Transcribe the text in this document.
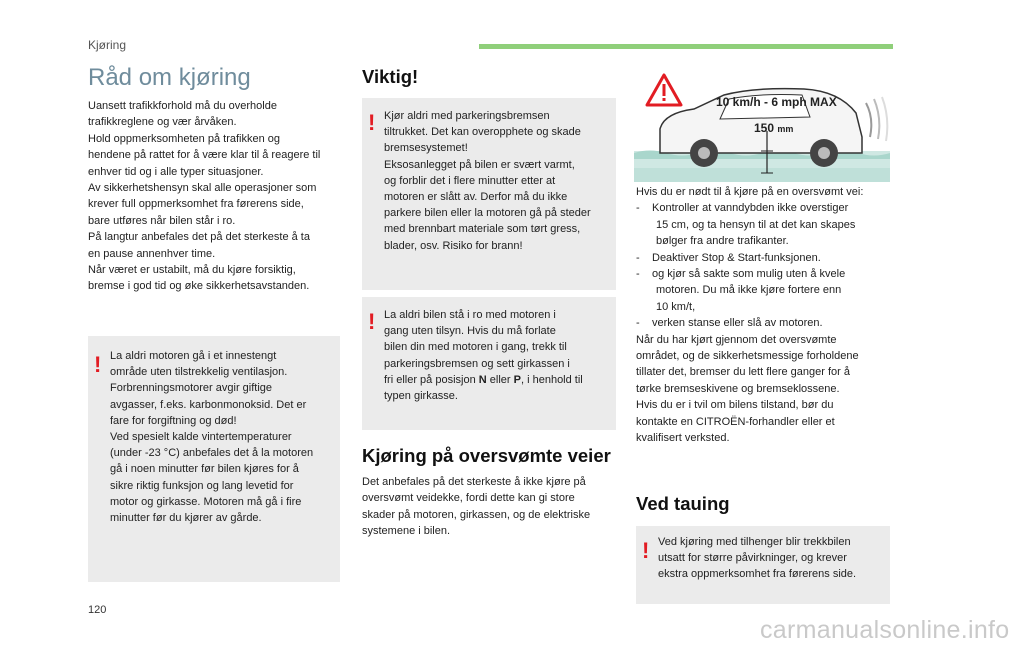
Kjøring
Råd om kjøring
Uansett trafikkforhold må du overholde
trafikkreglene og vær årvåken.
Hold oppmerksomheten på trafikken og
hendene på rattet for å være klar til å reagere til
enhver tid og i alle typer situasjoner.
Av sikkerhetshensyn skal alle operasjoner som
krever full oppmerksomhet fra førerens side,
bare utføres når bilen står i ro.
På langtur anbefales det på det sterkeste å ta
en pause annenhver time.
Når været er ustabilt, må du kjøre forsiktig,
bremse i god tid og øke sikkerhetsavstanden.
! La aldri motoren gå i et innestengt
område uten tilstrekkelig ventilasjon.
Forbrenningsmotorer avgir giftige
avgasser, f.eks. karbonmonoksid. Det er
fare for forgiftning og død!
Ved spesielt kalde vintertemperaturer
(under -23 °C) anbefales det å la motoren
gå i noen minutter før bilen kjøres for å
sikre riktig funksjon og lang levetid for
motor og girkasse. Motoren må gå i fire
minutter før du kjører av gårde.
Viktig!
! Kjør aldri med parkeringsbremsen
tiltrukket. Det kan overopphete og skade
bremsesystemet!
Eksosanlegget på bilen er svært varmt,
og forblir det i flere minutter etter at
motoren er slått av. Derfor må du ikke
parkere bilen eller la motoren gå på steder
med brennbart materiale som tørt gress,
blader, osv. Risiko for brann!
! La aldri bilen stå i ro med motoren i
gang uten tilsyn. Hvis du må forlate
bilen din med motoren i gang, trekk til
parkeringsbremsen og sett girkassen i
fri eller på posisjon N eller P, i henhold til
typen girkasse.
Kjøring på oversvømte veier
Det anbefales på det sterkeste å ikke kjøre på
oversvømt veidekke, fordi dette kan gi store
skader på motoren, girkassen, og de elektriske
systemene i bilen.
10 km/h - 6 mph MAX
150 mm
Hvis du er nødt til å kjøre på en oversvømt vei:
- Kontroller at vanndybden ikke overstiger
15 cm, og ta hensyn til at det kan skapes
bølger fra andre trafikanter.
- Deaktiver Stop & Start-funksjonen.
- og kjør så sakte som mulig uten å kvele
motoren. Du må ikke kjøre fortere enn
10 km/t,
- verken stanse eller slå av motoren.
Når du har kjørt gjennom det oversvømte
området, og de sikkerhetsmessige forholdene
tillater det, bremser du lett flere ganger for å
tørke bremseskivene og bremseklossene.
Hvis du er i tvil om bilens tilstand, bør du
kontakte en CITROËN-forhandler eller et
kvalifisert verksted.
Ved tauing
! Ved kjøring med tilhenger blir trekkbilen
utsatt for større påvirkninger, og krever
ekstra oppmerksomhet fra førerens side.
120
carmanualsonline.info
